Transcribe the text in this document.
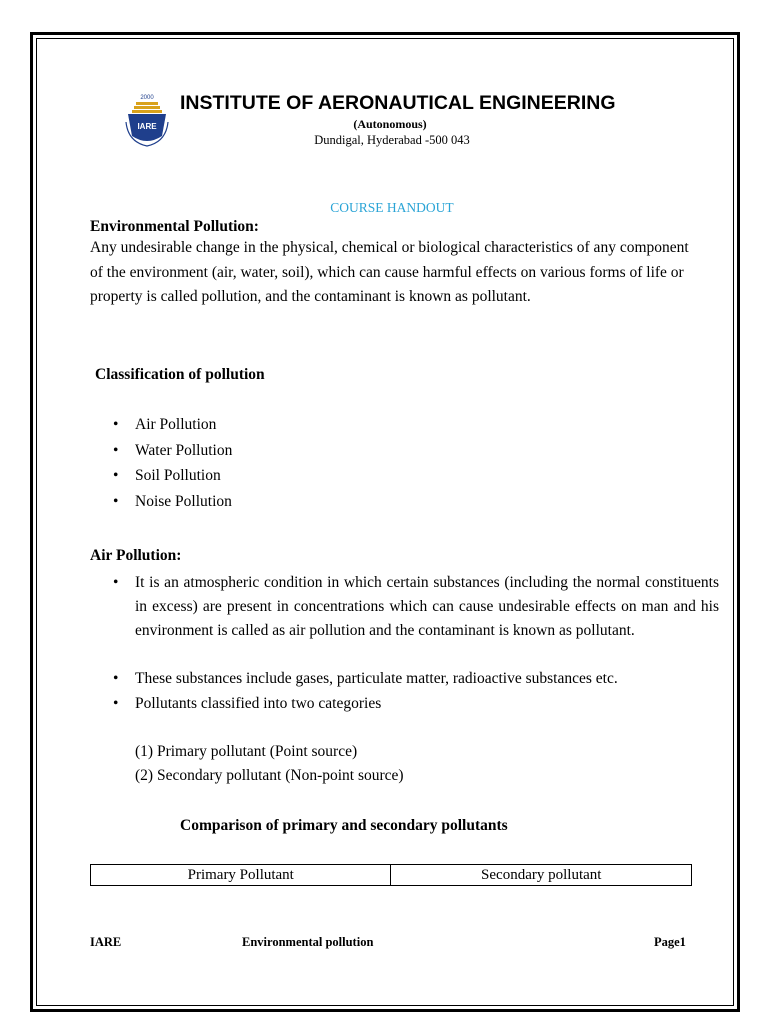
2000
IARE
INSTITUTE OF AERONAUTICAL ENGINEERING
(Autonomous)
Dundigal, Hyderabad -500 043
COURSE HANDOUT
Environmental Pollution:
Any undesirable change in the physical, chemical or biological characteristics of any component of the environment (air, water, soil), which can cause harmful effects on various forms of life or property is called pollution, and the contaminant is known as pollutant.
Classification of pollution
• Air Pollution
• Water Pollution
• Soil Pollution
• Noise Pollution
Air Pollution:
• It is an atmospheric condition in which certain substances (including the normal constituents in excess) are present in concentrations which can cause undesirable effects on man and his environment is called as air pollution and the contaminant is known as pollutant.
• These substances include gases, particulate matter, radioactive substances etc.
• Pollutants classified into two categories
(1) Primary pollutant (Point source)
(2) Secondary pollutant (Non-point source)
Comparison of primary and secondary pollutants
Primary Pollutant	Secondary pollutant
IARE	Environmental pollution	Page1
